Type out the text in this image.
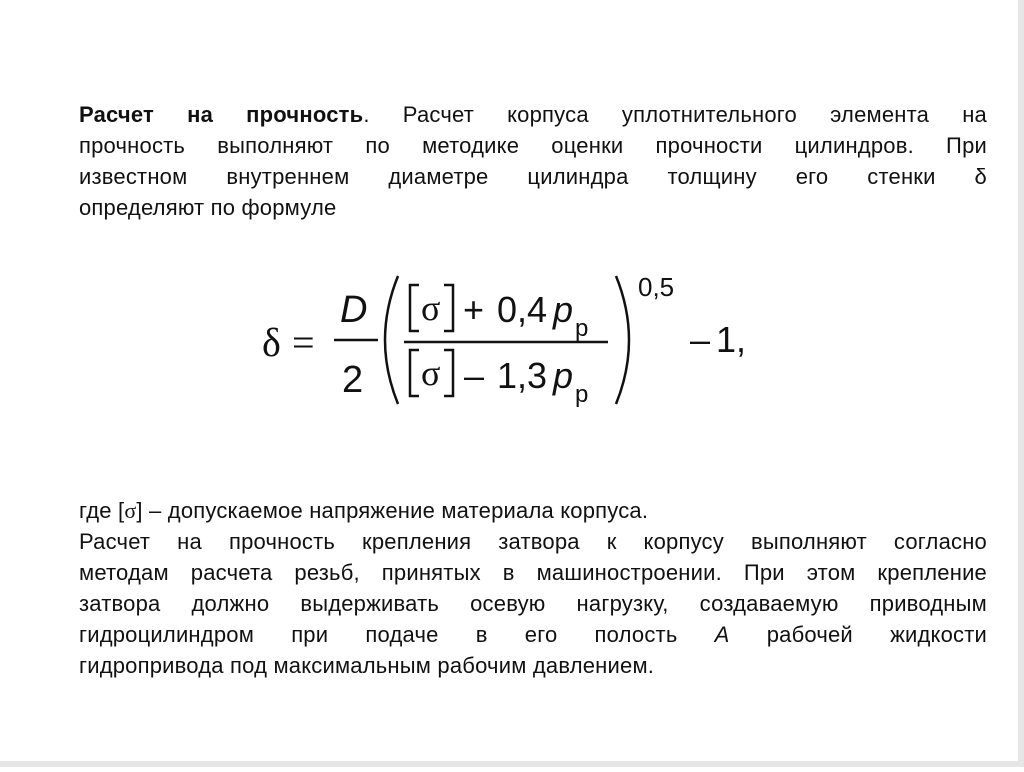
Расчет на прочность. Расчет корпуса уплотнительного элемента на
прочность выполняют по методике оценки прочности цилиндров. При
известном внутреннем диаметре цилиндра толщину его стенки δ
определяют по формуле
δ =
D
2
σ + 0,4 p p
σ – 1,3 p p
0,5
– 1,
где [σ] – допускаемое напряжение материала корпуса.
Расчет на прочность крепления затвора к корпусу выполняют согласно
методам расчета резьб, принятых в машиностроении. При этом крепление
затвора должно выдерживать осевую нагрузку, создаваемую приводным
гидроцилиндром при подаче в его полость А рабочей жидкости
гидропривода под максимальным рабочим давлением.
